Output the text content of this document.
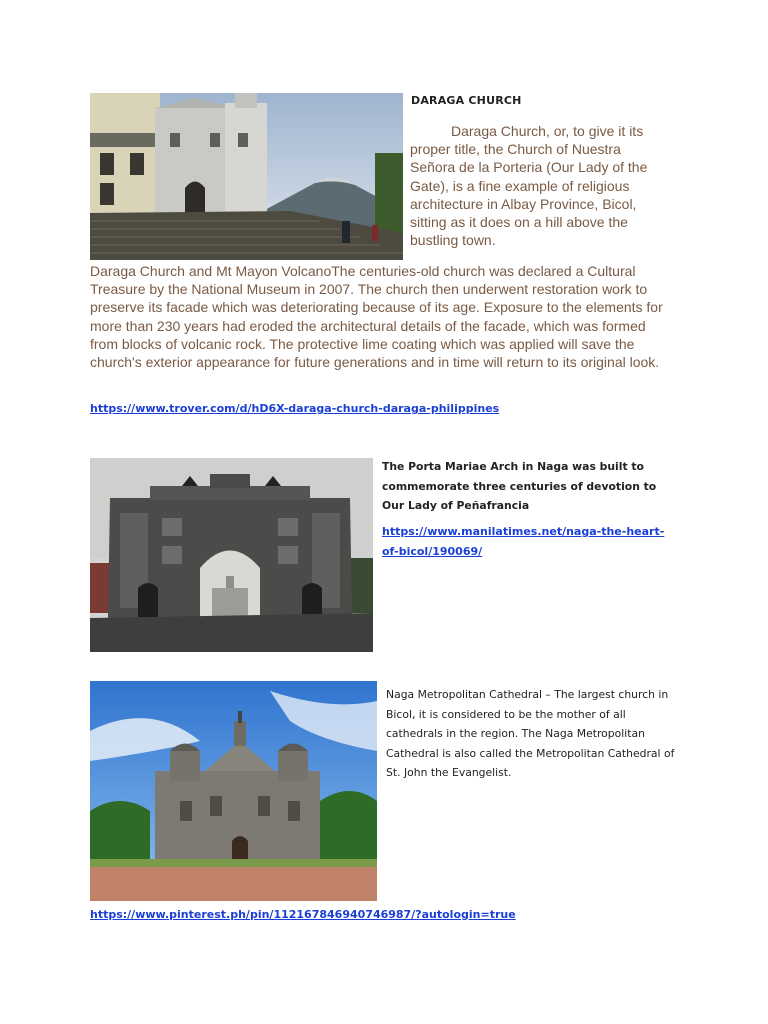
DARAGA CHURCH
Daraga Church, or, to give it its proper title, the Church of Nuestra Señora de la Porteria (Our Lady of the Gate), is a fine example of religious architecture in Albay Province, Bicol, sitting as it does on a hill above the bustling town.
Daraga Church and Mt Mayon VolcanoThe centuries-old church was declared a Cultural Treasure by the National Museum in 2007. The church then underwent restoration work to preserve its facade which was deteriorating because of its age. Exposure to the elements for more than 230 years had eroded the architectural details of the facade, which was formed from blocks of volcanic rock. The protective lime coating which was applied will save the church's exterior appearance for future generations and in time will return to its original look.
https://www.trover.com/d/hD6X-daraga-church-daraga-philippines
The Porta Mariae Arch in Naga was built to commemorate three centuries of devotion to Our Lady of Peñafrancia
https://www.manilatimes.net/naga-the-heart-of-bicol/190069/
Naga Metropolitan Cathedral – The largest church in Bicol, it is considered to be the mother of all cathedrals in the region. The Naga Metropolitan Cathedral is also called the Metropolitan Cathedral of St. John the Evangelist.
https://www.pinterest.ph/pin/112167846940746987/?autologin=true
